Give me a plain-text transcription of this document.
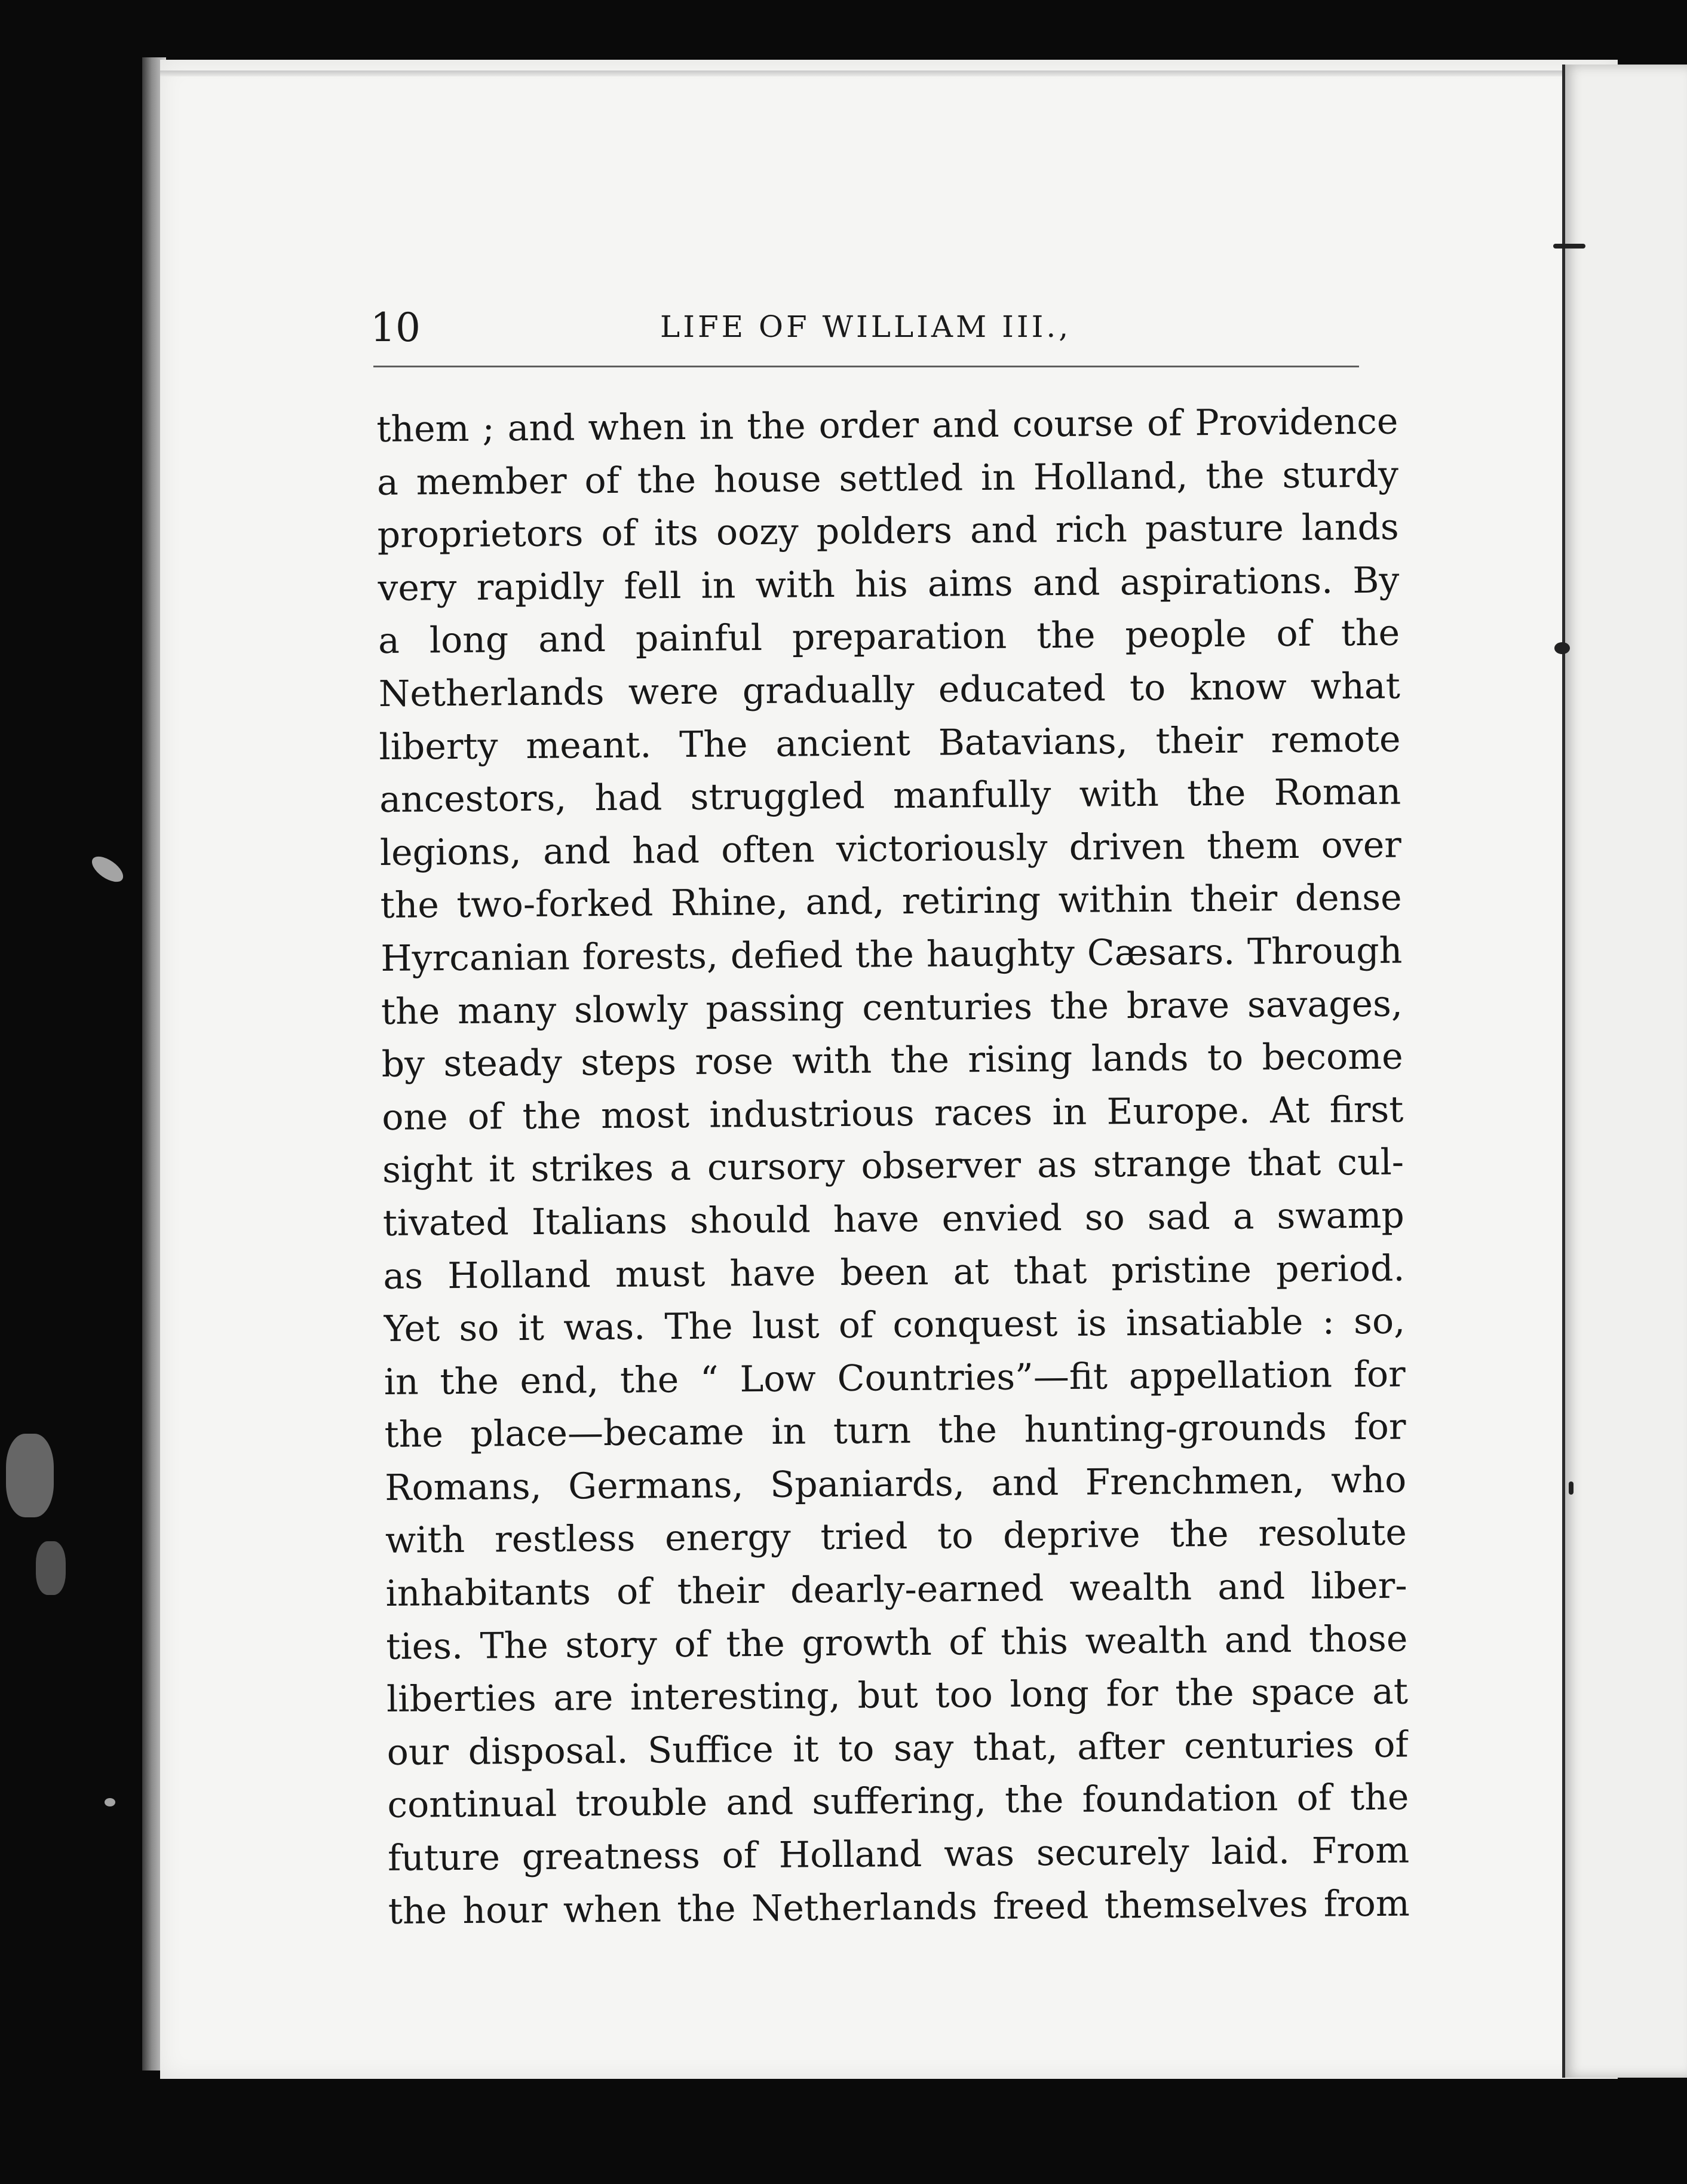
10	LIFE OF WILLIAM III.,
them ; and when in the order and course of Providence
a member of the house settled in Holland, the sturdy
proprietors of its oozy polders and rich pasture lands
very rapidly fell in with his aims and aspirations. By
a long and painful preparation the people of the
Netherlands were gradually educated to know what
liberty meant. The ancient Batavians, their remote
ancestors, had struggled manfully with the Roman
legions, and had often victoriously driven them over
the two-forked Rhine, and, retiring within their dense
Hyrcanian forests, defied the haughty Cæsars. Through
the many slowly passing centuries the brave savages,
by steady steps rose with the rising lands to become
one of the most industrious races in Europe. At first
sight it strikes a cursory observer as strange that cul-
tivated Italians should have envied so sad a swamp
as Holland must have been at that pristine period.
Yet so it was. The lust of conquest is insatiable : so,
in the end, the “ Low Countries”—fit appellation for
the place—became in turn the hunting-grounds for
Romans, Germans, Spaniards, and Frenchmen, who
with restless energy tried to deprive the resolute
inhabitants of their dearly-earned wealth and liber-
ties. The story of the growth of this wealth and those
liberties are interesting, but too long for the space at
our disposal. Suffice it to say that, after centuries of
continual trouble and suffering, the foundation of the
future greatness of Holland was securely laid. From
the hour when the Netherlands freed themselves from
